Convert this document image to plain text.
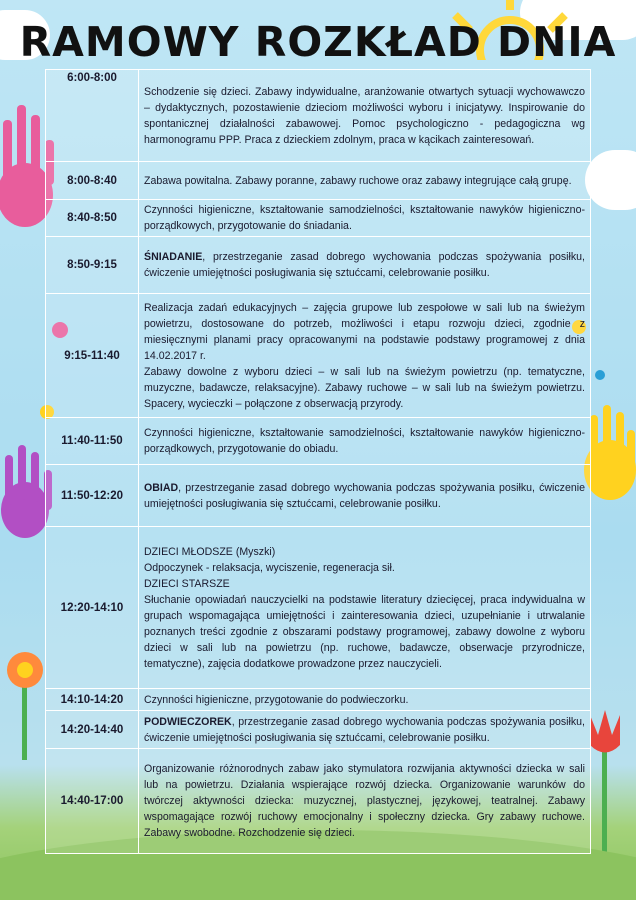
RAMOWY ROZKŁAD DNIA
6:00-8:00	Schodzenie się dzieci. Zabawy indywidualne, aranżowanie otwartych sytuacji wychowawczo – dydaktycznych, pozostawienie dzieciom możliwości wyboru i inicjatywy. Inspirowanie do spontanicznej działalności zabawowej. Pomoc psychologiczno - pedagogiczna wg harmonogramu PPP. Praca z dzieckiem zdolnym, praca w kącikach zainteresowań.
8:00-8:40	Zabawa powitalna. Zabawy poranne, zabawy ruchowe oraz zabawy integrujące całą grupę.
8:40-8:50	Czynności higieniczne, kształtowanie samodzielności, kształtowanie nawyków higieniczno-porządkowych, przygotowanie do śniadania.
8:50-9:15	ŚNIADANIE, przestrzeganie zasad dobrego wychowania podczas spożywania posiłku, ćwiczenie umiejętności posługiwania się sztućcami, celebrowanie posiłku.
9:15-11:40	Realizacja zadań edukacyjnych – zajęcia grupowe lub zespołowe w sali lub na świeżym powietrzu, dostosowane do potrzeb, możliwości i etapu rozwoju dzieci, zgodnie z miesięcznymi planami pracy opracowanymi na podstawie podstawy programowej z dnia 14.02.2017 r.

Zabawy dowolne z wyboru dzieci – w sali lub na świeżym powietrzu (np. tematyczne, muzyczne, badawcze, relaksacyjne). Zabawy ruchowe – w sali lub na świeżym powietrzu. Spacery, wycieczki – połączone z obserwacją przyrody.

11:40-11:50	Czynności higieniczne, kształtowanie samodzielności, kształtowanie nawyków higieniczno-porządkowych, przygotowanie do obiadu.
11:50-12:20	OBIAD, przestrzeganie zasad dobrego wychowania podczas spożywania posiłku, ćwiczenie umiejętności posługiwania się sztućcami, celebrowanie posiłku.
12:20-14:10	DZIECI MŁODSZE (Myszki)

Odpoczynek - relaksacja, wyciszenie, regeneracja sił.

DZIECI STARSZE

Słuchanie opowiadań nauczycielki na podstawie literatury dziecięcej, praca indywidualna w grupach wspomagająca umiejętności i zainteresowania dzieci, uzupełnianie i utrwalanie poznanych treści zgodnie z obszarami podstawy programowej, zabawy dowolne z wyboru dzieci w sali lub na powietrzu (np. ruchowe, badawcze, obserwacje przyrodnicze, tematyczne), zajęcia dodatkowe prowadzone przez nauczycieli.

14:10-14:20	Czynności higieniczne, przygotowanie do podwieczorku.
14:20-14:40	PODWIECZOREK, przestrzeganie zasad dobrego wychowania podczas spożywania posiłku, ćwiczenie umiejętności posługiwania się sztućcami, celebrowanie posiłku.
14:40-17:00	Organizowanie różnorodnych zabaw jako stymulatora rozwijania aktywności dziecka w sali lub na powietrzu. Działania wspierające rozwój dziecka. Organizowanie warunków do twórczej aktywności dziecka: muzycznej, plastycznej, językowej, teatralnej. Zabawy wspomagające rozwój ruchowy emocjonalny i społeczny dziecka. Gry zabawy ruchowe. Zabawy swobodne. Rozchodzenie się dzieci.
